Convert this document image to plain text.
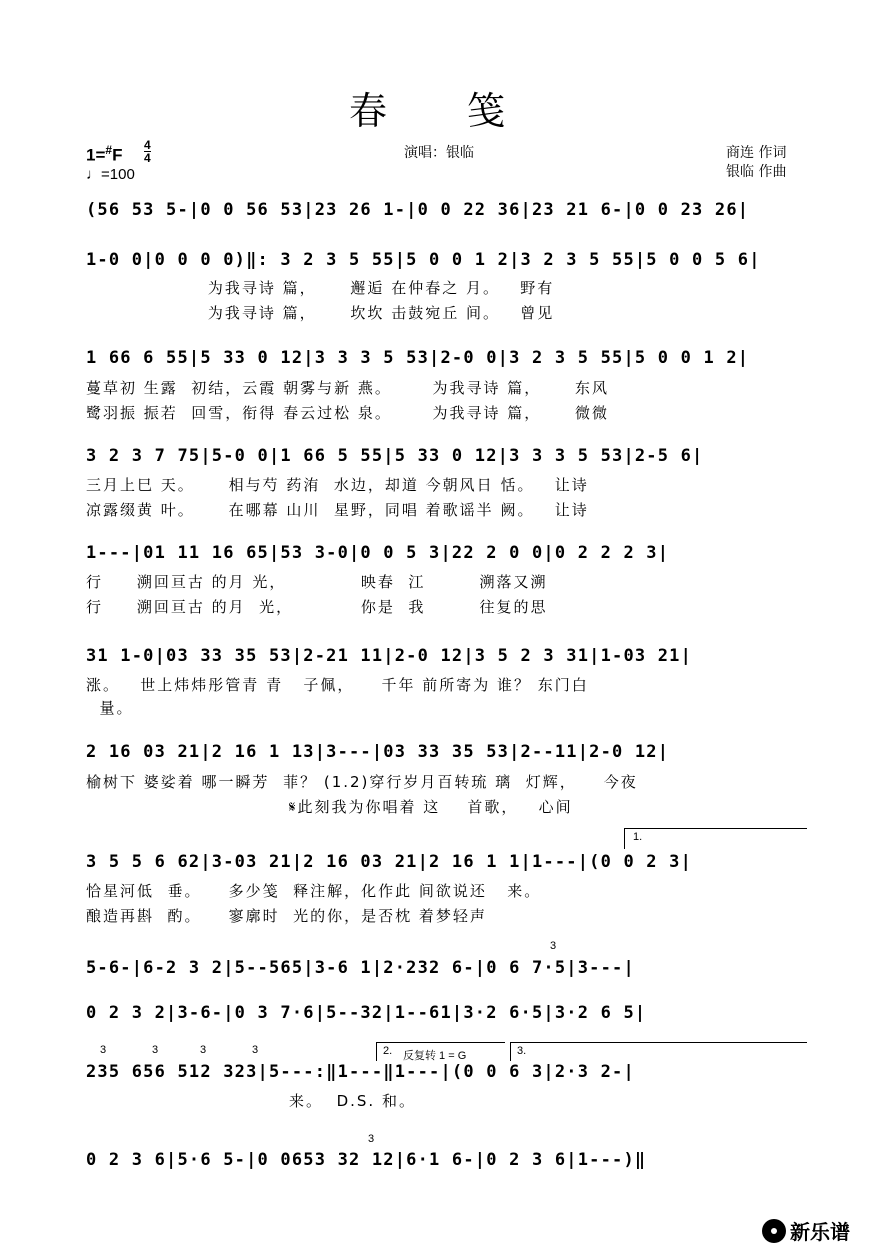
春 笺
1=#F
4
4
♩=100
演唱：银临	商连 作词
银临 作曲
(56 53 5-|0 0 56 53|23 26 1-|0 0 22 36|23 21 6-|0 0 23 26|
1-0 0|0 0 0 0)‖: 3 2 3 5 55|5 0 0 1 2|3 2 3 5 55|5 0 0 5 6|
为我寻诗 篇，     邂逅 在仲春之 月。   野有
为我寻诗 篇，     坎坎 击鼓宛丘 间。   曾见
1 66 6 55|5 33 0 12|3 3 3 5 53|2-0 0|3 2 3 5 55|5 0 0 1 2|
蔓草初 生露  初结，云霞 朝雾与新 燕。      为我寻诗 篇，     东风
鹭羽振 振若  回雪，衔得 春云过松 泉。      为我寻诗 篇，     微微
3 2 3 7 75|5-0 0|1 66 5 55|5 33 0 12|3 3 3 5 53|2-5 6|
三月上巳 天。     相与芍 药洧  水边，却道 今朝风日 恬。   让诗
凉露缀黄 叶。     在哪幕 山川  星野，同唱 着歌谣半 阙。   让诗
1---|01 11 16 65|53 3-0|0 0 5 3|22 2 0 0|0 2 2 2 3|
行     溯回亘古 的月 光，           映春  江        溯落又溯
行     溯回亘古 的月  光，          你是  我        往复的思
31 1-0|03 33 35 53|2-21 11|2-0 12|3 5 2 3 31|1-03 21|
涨。   世上炜炜彤管青 青   子佩，    千年 前所寄为 谁？ 东门白
量。
2 16 03 21|2 16 1 13|3---|03 33 35 53|2--11|2-0 12|
榆树下 婆娑着 哪一瞬芳  菲？ (1.2)穿行岁月百转琉 璃  灯辉，    今夜
𝄋此刻我为你唱着 这    首歌，   心间
1.
3 5 5 6 62|3-03 21|2 16 03 21|2 16 1 1|1---|(0 0 2 3|
恰星河低  垂。    多少笺  释注解，化作此 间欲说还   来。
酿造再斟  酌。    寥廓时  光的你，是否枕 着梦轻声
5-6-|6-2 3 2|5--565|3-6 1|2·232 6-|0 6 7·5|3---|
3
0 2 3 2|3-6-|0 3 7·6|5--32|1--61|3·2 6·5|3·2 6 5|
2. 反复转 1 = G	3.
3	3	3	3
235 656 512 323|5---:‖1---‖1---|(0 0 6 3|2·3 2-|
来。  D.S. 和。
0 2 3 6|5·6 5-|0 0653 32 12|6·1 6-|0 2 3 6|1---)‖
3
新乐谱
